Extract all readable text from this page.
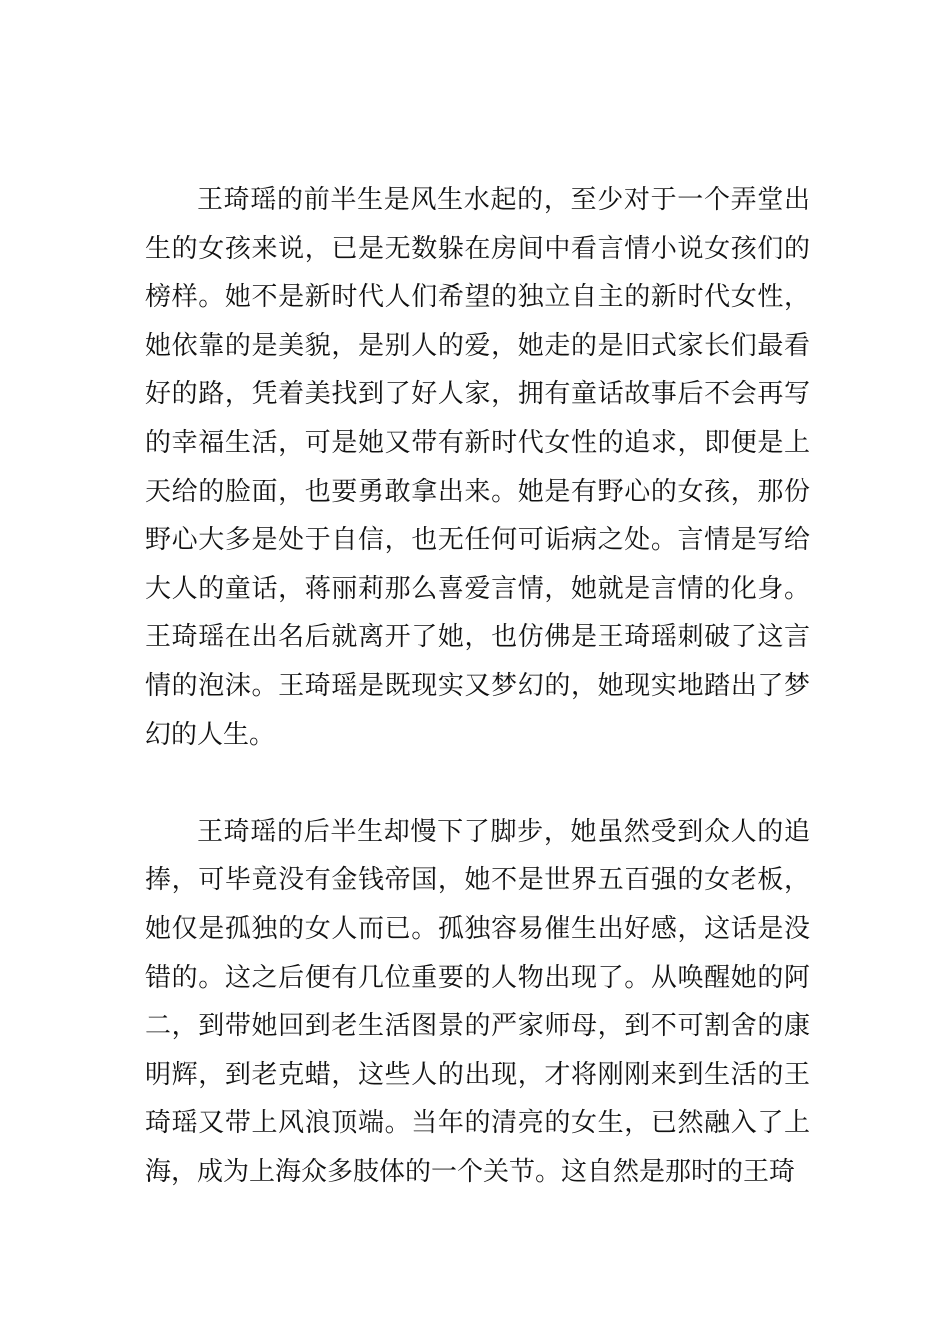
王琦瑶的前半生是风生水起的，至少对于一个弄堂出生的女孩来说，已是无数躲在房间中看言情小说女孩们的榜样。她不是新时代人们希望的独立自主的新时代女性，她依靠的是美貌，是别人的爱，她走的是旧式家长们最看好的路，凭着美找到了好人家，拥有童话故事后不会再写的幸福生活，可是她又带有新时代女性的追求，即便是上天给的脸面，也要勇敢拿出来。她是有野心的女孩，那份野心大多是处于自信，也无任何可诟病之处。言情是写给大人的童话，蒋丽莉那么喜爱言情，她就是言情的化身。王琦瑶在出名后就离开了她，也仿佛是王琦瑶刺破了这言情的泡沫。王琦瑶是既现实又梦幻的，她现实地踏出了梦幻的人生。

王琦瑶的后半生却慢下了脚步，她虽然受到众人的追捧，可毕竟没有金钱帝国，她不是世界五百强的女老板，她仅是孤独的女人而已。孤独容易催生出好感，这话是没错的。这之后便有几位重要的人物出现了。从唤醒她的阿二，到带她回到老生活图景的严家师母，到不可割舍的康明辉，到老克蜡，这些人的出现，才将刚刚来到生活的王琦瑶又带上风浪顶端。当年的清亮的女生，已然融入了上海，成为上海众多肢体的一个关节。这自然是那时的王琦
